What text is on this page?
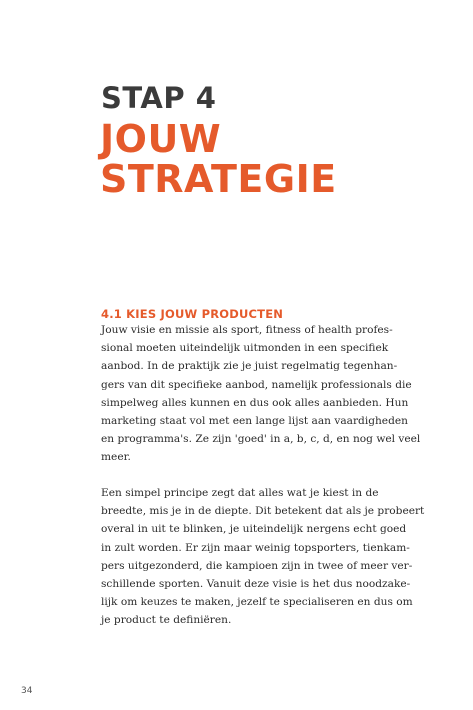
STAP 4
JOUW
STRATEGIE
4.1 KIES JOUW PRODUCTEN

Jouw visie en missie als sport, fitness of health profes-
sional moeten uiteindelijk uitmonden in een specifiek
aanbod. In de praktijk zie je juist regelmatig tegenhan-
gers van dit specifieke aanbod, namelijk professionals die
simpelweg alles kunnen en dus ook alles aanbieden. Hun
marketing staat vol met een lange lijst aan vaardigheden
en programma's. Ze zijn 'goed' in a, b, c, d, en nog wel veel
meer.

Een simpel principe zegt dat alles wat je kiest in de
breedte, mis je in de diepte. Dit betekent dat als je probeert
overal in uit te blinken, je uiteindelijk nergens echt goed
in zult worden. Er zijn maar weinig topsporters, tienkam-
pers uitgezonderd, die kampioen zijn in twee of meer ver-
schillende sporten. Vanuit deze visie is het dus noodzake-
lijk om keuzes te maken, jezelf te specialiseren en dus om
je product te definiëren.

34
